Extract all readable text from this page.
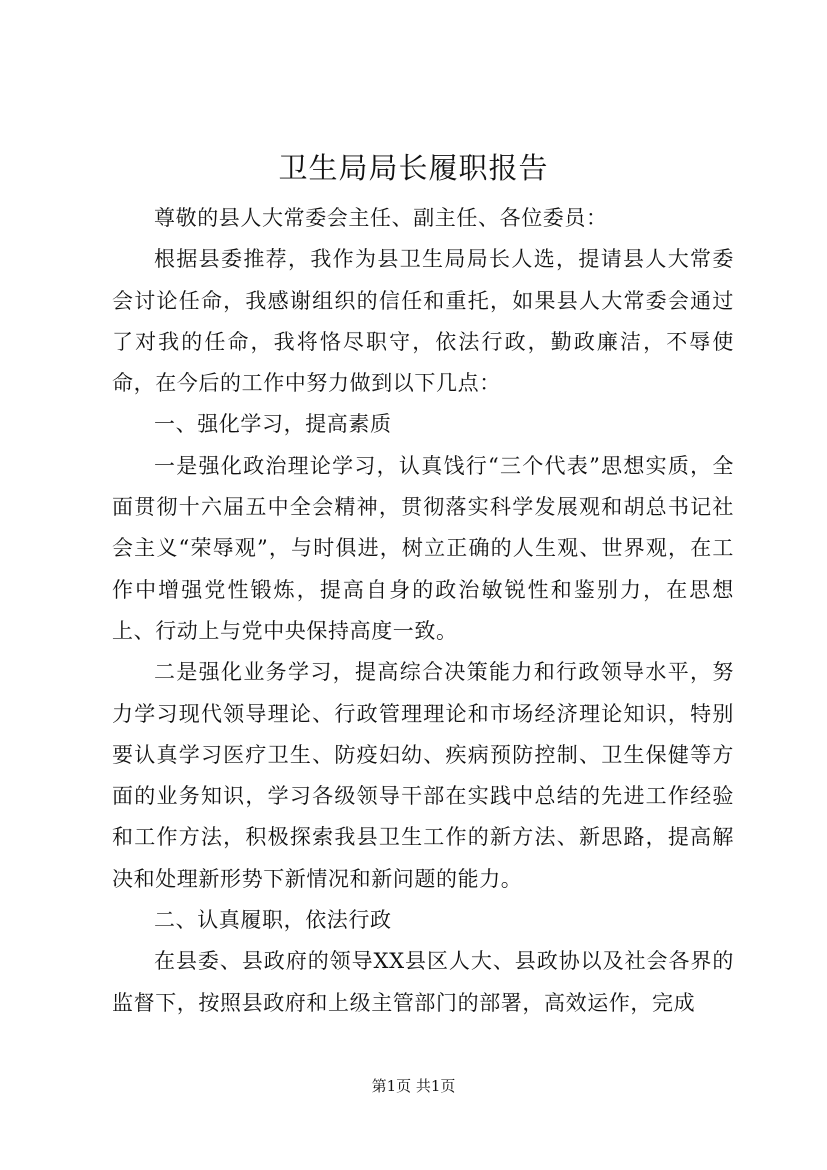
卫生局局长履职报告

尊敬的县人大常委会主任、副主任、各位委员：

根据县委推荐，我作为县卫生局局长人选，提请县人大常委会讨论任命，我感谢组织的信任和重托，如果县人大常委会通过了对我的任命，我将恪尽职守，依法行政，勤政廉洁，不辱使命，在今后的工作中努力做到以下几点：

一、强化学习，提高素质

一是强化政治理论学习，认真饯行“三个代表”思想实质，全面贯彻十六届五中全会精神，贯彻落实科学发展观和胡总书记社会主义“荣辱观”，与时俱进，树立正确的人生观、世界观，在工作中增强党性锻炼，提高自身的政治敏锐性和鉴别力，在思想上、行动上与党中央保持高度一致。

二是强化业务学习，提高综合决策能力和行政领导水平，努力学习现代领导理论、行政管理理论和市场经济理论知识，特别要认真学习医疗卫生、防疫妇幼、疾病预防控制、卫生保健等方面的业务知识，学习各级领导干部在实践中总结的先进工作经验和工作方法，积极探索我县卫生工作的新方法、新思路，提高解决和处理新形势下新情况和新问题的能力。

二、认真履职，依法行政

在县委、县政府的领导XX县区人大、县政协以及社会各界的监督下，按照县政府和上级主管部门的部署，高效运作，完成

第1页 共1页
